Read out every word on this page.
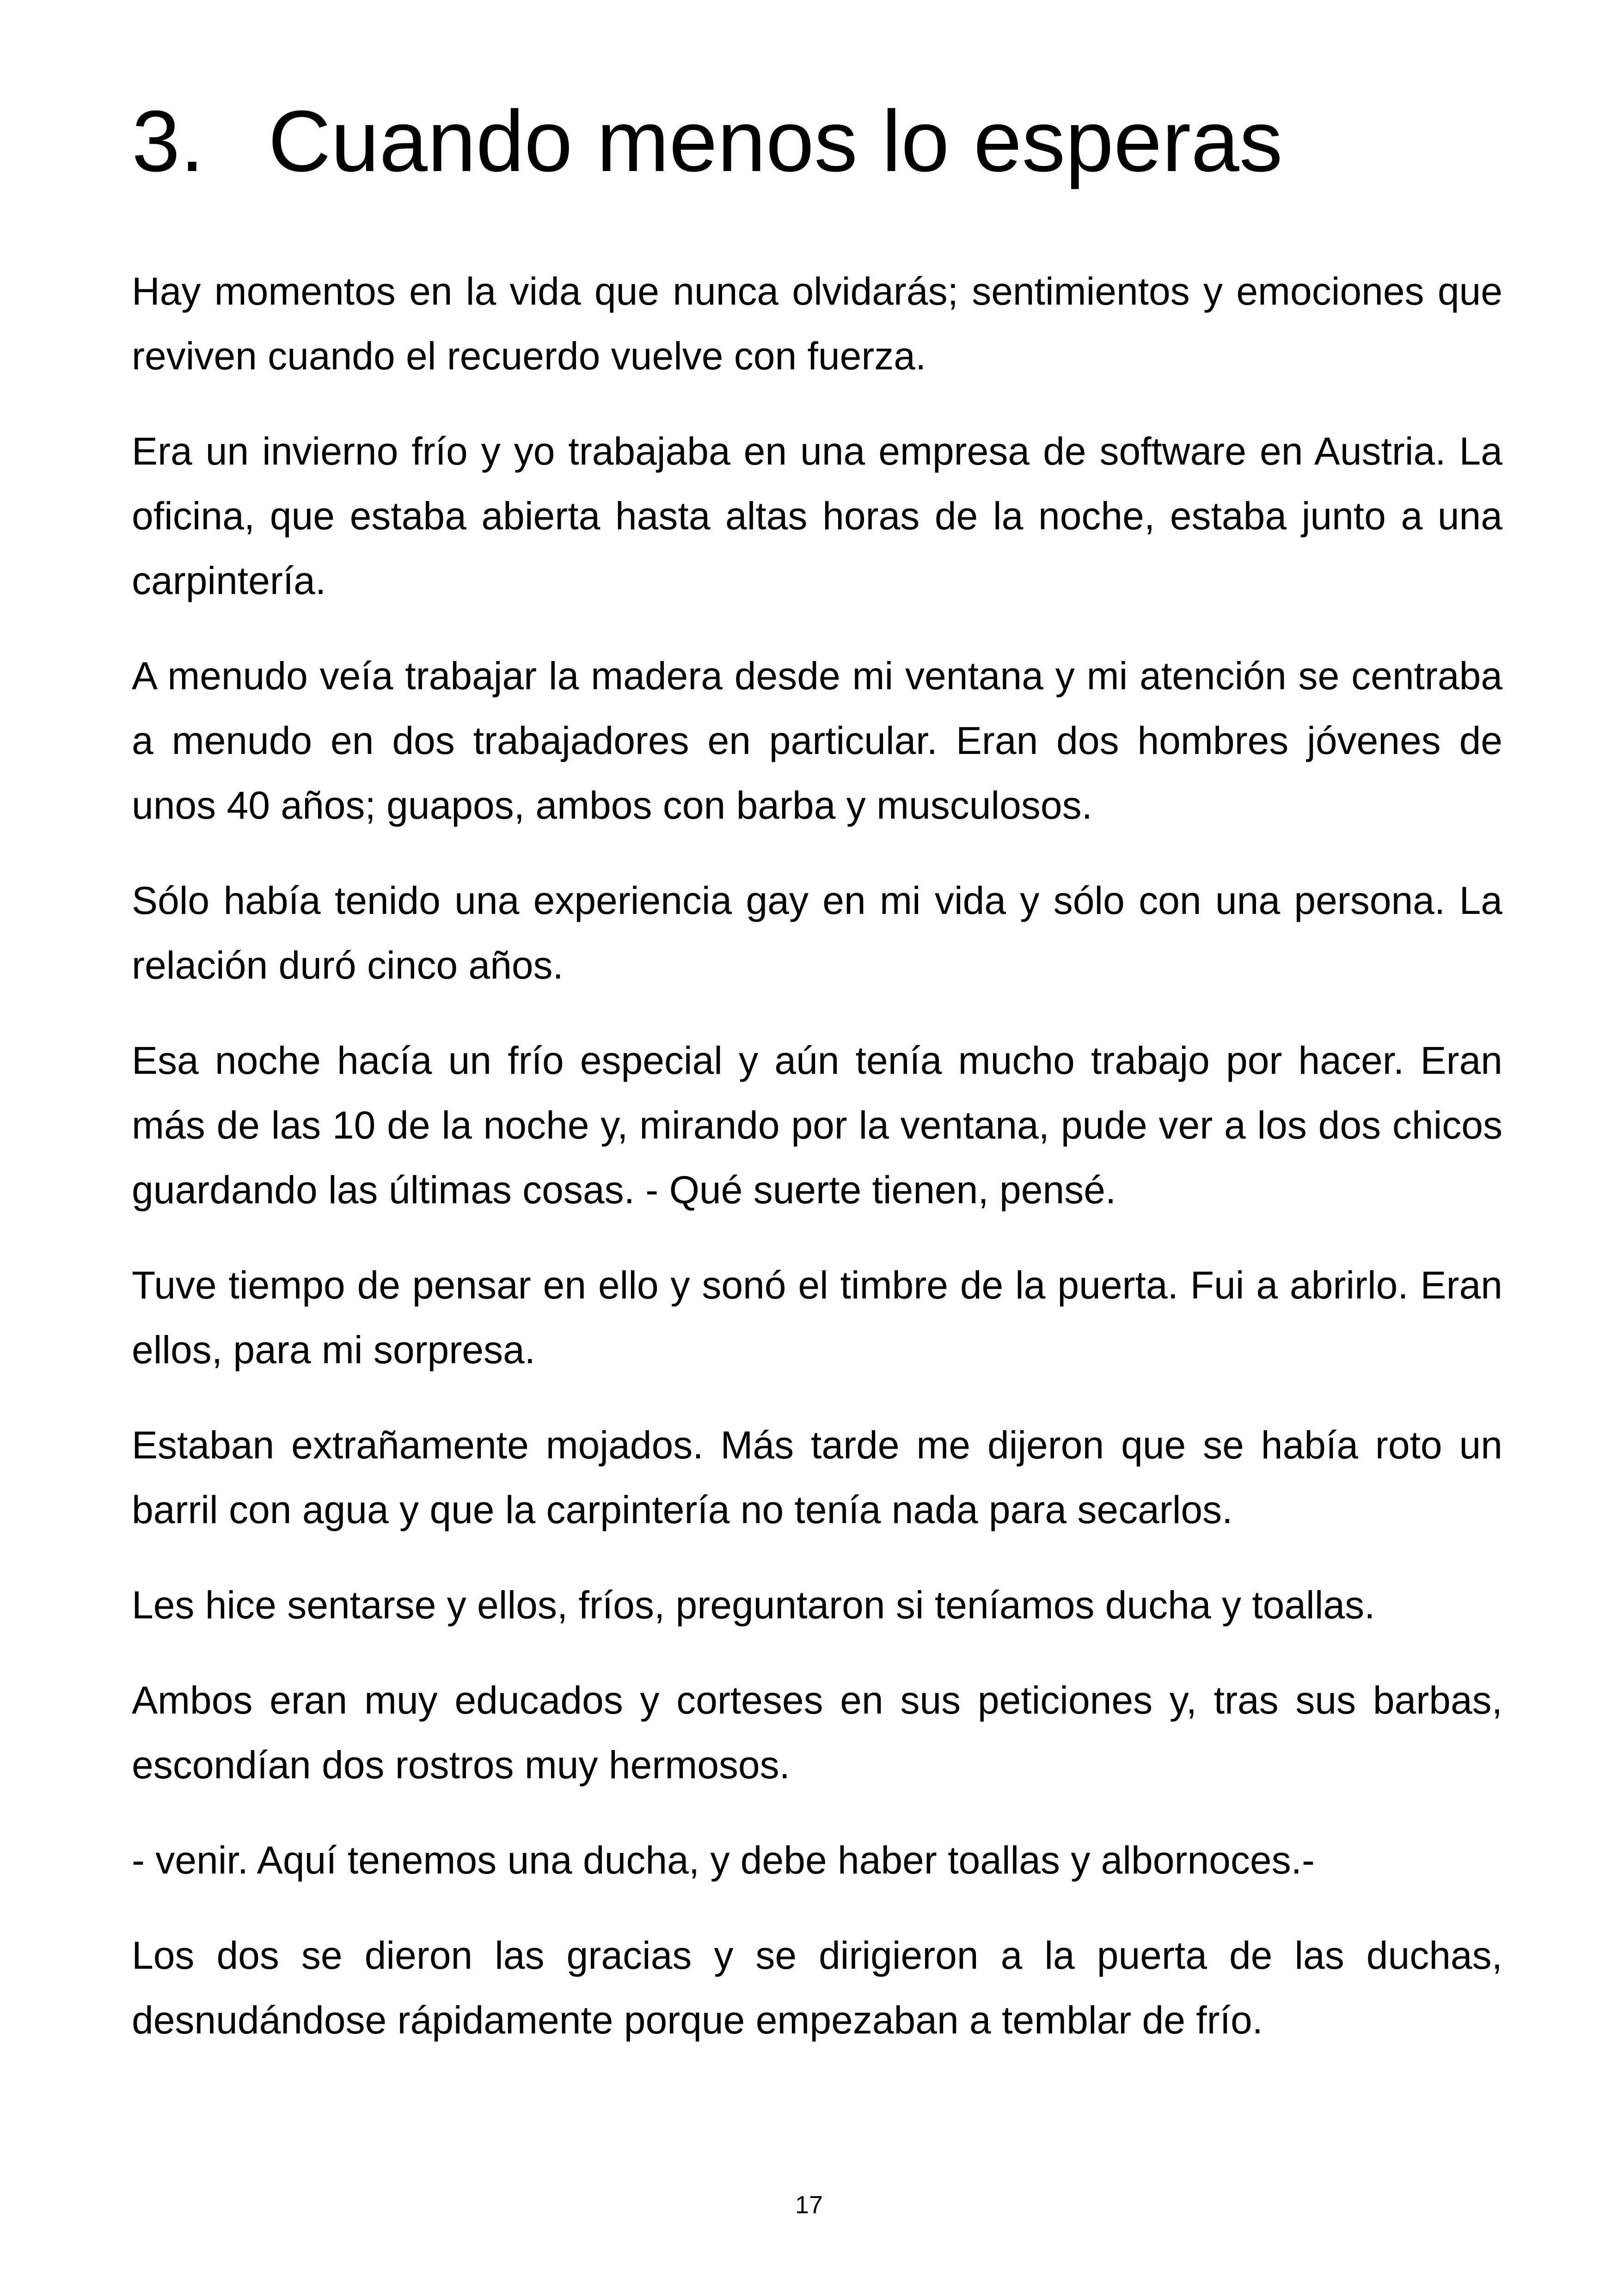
3. Cuando menos lo esperas

Hay momentos en la vida que nunca olvidarás; sentimientos y emociones que reviven cuando el recuerdo vuelve con fuerza.

Era un invierno frío y yo trabajaba en una empresa de software en Austria. La oficina, que estaba abierta hasta altas horas de la noche, estaba junto a una carpintería.

A menudo veía trabajar la madera desde mi ventana y mi atención se centraba a menudo en dos trabajadores en particular. Eran dos hombres jóvenes de unos 40 años; guapos, ambos con barba y musculosos.

Sólo había tenido una experiencia gay en mi vida y sólo con una persona. La relación duró cinco años.

Esa noche hacía un frío especial y aún tenía mucho trabajo por hacer. Eran más de las 10 de la noche y, mirando por la ventana, pude ver a los dos chicos guardando las últimas cosas. - Qué suerte tienen, pensé.

Tuve tiempo de pensar en ello y sonó el timbre de la puerta. Fui a abrirlo. Eran ellos, para mi sorpresa.

Estaban extrañamente mojados. Más tarde me dijeron que se había roto un barril con agua y que la carpintería no tenía nada para secarlos.

Les hice sentarse y ellos, fríos, preguntaron si teníamos ducha y toallas.

Ambos eran muy educados y corteses en sus peticiones y, tras sus barbas, escondían dos rostros muy hermosos.

- venir. Aquí tenemos una ducha, y debe haber toallas y albornoces.-

Los dos se dieron las gracias y se dirigieron a la puerta de las duchas, desnudándose rápidamente porque empezaban a temblar de frío.

17
